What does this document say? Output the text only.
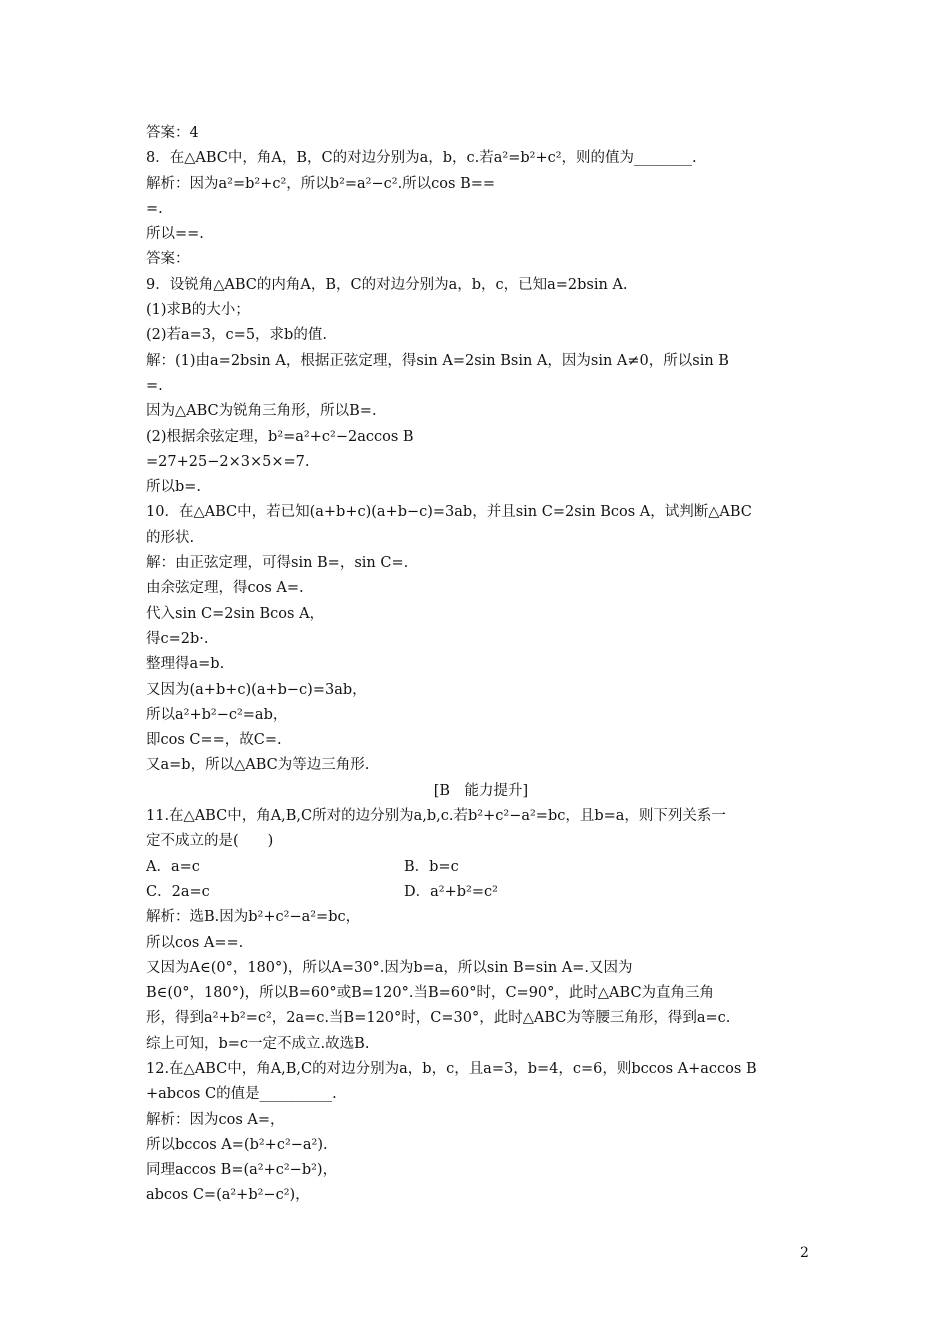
答案：4
8．在△ABC中，角A，B，C的对边分别为a，b，c.若a²=b²+c²，则的值为________.
解析：因为a²=b²+c²，所以b²=a²−c².所以cos B==
=.
所以==.
答案：
9．设锐角△ABC的内角A，B，C的对边分别为a，b，c，已知a=2bsin A.
(1)求B的大小；
(2)若a=3，c=5，求b的值.
解：(1)由a=2bsin A，根据正弦定理，得sin A=2sin Bsin A，因为sin A≠0，所以sin B
=.
因为△ABC为锐角三角形，所以B=.
(2)根据余弦定理，b²=a²+c²−2accos B
=27+25−2×3×5×=7.
所以b=.
10．在△ABC中，若已知(a+b+c)(a+b−c)=3ab，并且sin C=2sin Bcos A，试判断△ABC
的形状.
解：由正弦定理，可得sin B=，sin C=.
由余弦定理，得cos A=.
代入sin C=2sin Bcos A，
得c=2b·.
整理得a=b.
又因为(a+b+c)(a+b−c)=3ab，
所以a²+b²−c²=ab，
即cos C==，故C=.
又a=b，所以△ABC为等边三角形.
[B　能力提升]
11.在△ABC中，角A,B,C所对的边分别为a,b,c.若b²+c²−a²=bc，且b=a，则下列关系一
定不成立的是(　　)
A．a=c	B．b=c
C．2a=c	D．a²+b²=c²
解析：选B.因为b²+c²−a²=bc，
所以cos A==.
又因为A∈(0°，180°)，所以A=30°.因为b=a，所以sin B=sin A=.又因为
B∈(0°，180°)，所以B=60°或B=120°.当B=60°时，C=90°，此时△ABC为直角三角
形，得到a²+b²=c²，2a=c.当B=120°时，C=30°，此时△ABC为等腰三角形，得到a=c.
综上可知，b=c一定不成立.故选B.
12.在△ABC中，角A,B,C的对边分别为a，b，c，且a=3，b=4，c=6，则bccos A+accos B
+abcos C的值是__________.
解析：因为cos A=，
所以bccos A=(b²+c²−a²).
同理accos B=(a²+c²−b²)，
abcos C=(a²+b²−c²)，
2
